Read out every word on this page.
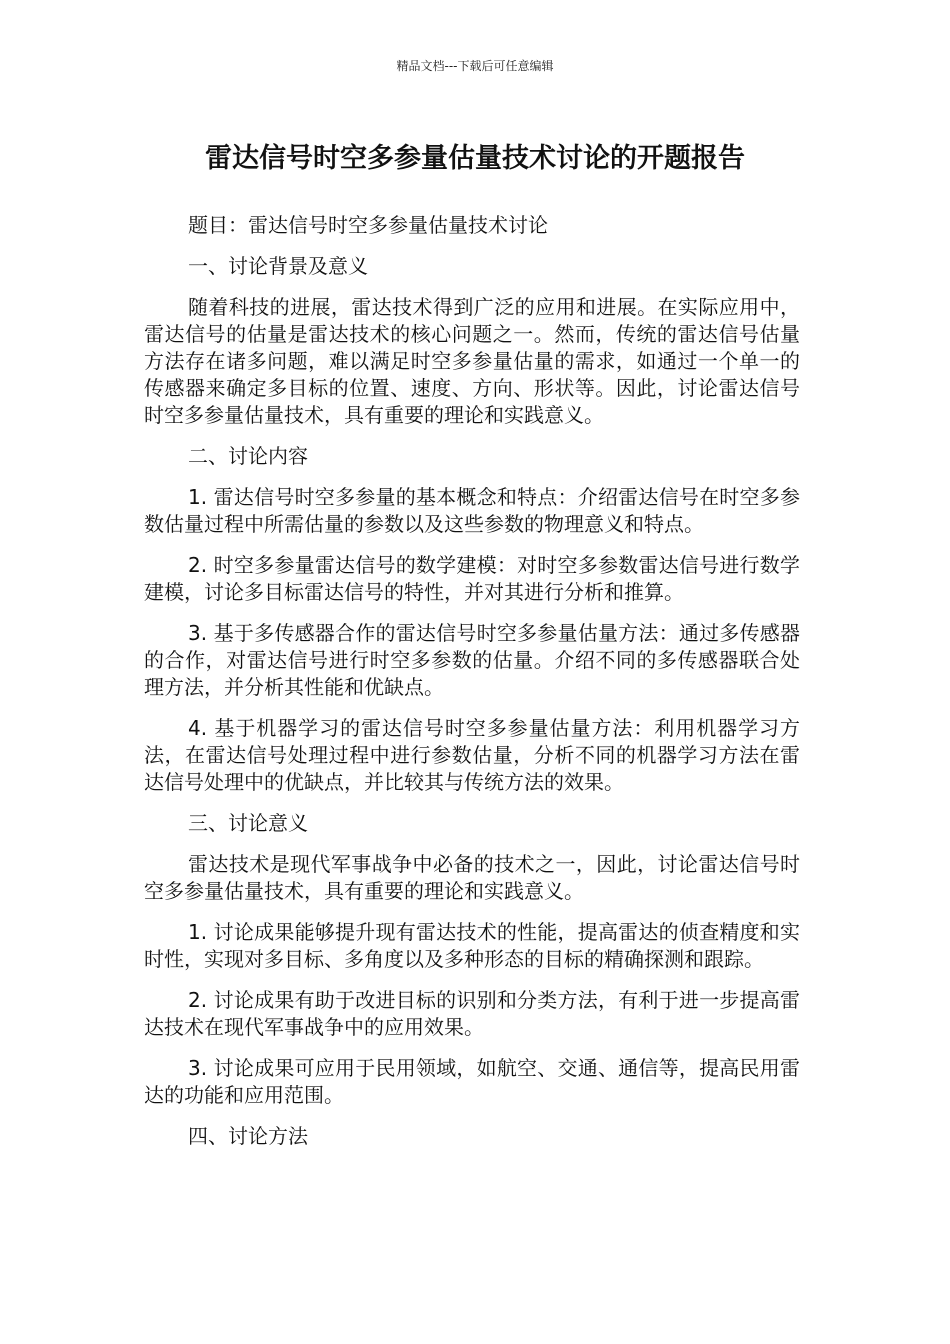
精品文档---下载后可任意编辑
雷达信号时空多参量估量技术讨论的开题报告

题目：雷达信号时空多参量估量技术讨论

一、讨论背景及意义

随着科技的进展，雷达技术得到广泛的应用和进展。在实际应用中，雷达信号的估量是雷达技术的核心问题之一。然而，传统的雷达信号估量方法存在诸多问题，难以满足时空多参量估量的需求，如通过一个单一的传感器来确定多目标的位置、速度、方向、形状等。因此，讨论雷达信号时空多参量估量技术，具有重要的理论和实践意义。

二、讨论内容

1. 雷达信号时空多参量的基本概念和特点：介绍雷达信号在时空多参数估量过程中所需估量的参数以及这些参数的物理意义和特点。

2. 时空多参量雷达信号的数学建模：对时空多参数雷达信号进行数学建模，讨论多目标雷达信号的特性，并对其进行分析和推算。

3. 基于多传感器合作的雷达信号时空多参量估量方法：通过多传感器的合作，对雷达信号进行时空多参数的估量。介绍不同的多传感器联合处理方法，并分析其性能和优缺点。

4. 基于机器学习的雷达信号时空多参量估量方法：利用机器学习方法，在雷达信号处理过程中进行参数估量，分析不同的机器学习方法在雷达信号处理中的优缺点，并比较其与传统方法的效果。

三、讨论意义

雷达技术是现代军事战争中必备的技术之一，因此，讨论雷达信号时空多参量估量技术，具有重要的理论和实践意义。

1. 讨论成果能够提升现有雷达技术的性能，提高雷达的侦查精度和实时性，实现对多目标、多角度以及多种形态的目标的精确探测和跟踪。

2. 讨论成果有助于改进目标的识别和分类方法，有利于进一步提高雷达技术在现代军事战争中的应用效果。

3. 讨论成果可应用于民用领域，如航空、交通、通信等，提高民用雷达的功能和应用范围。

四、讨论方法
